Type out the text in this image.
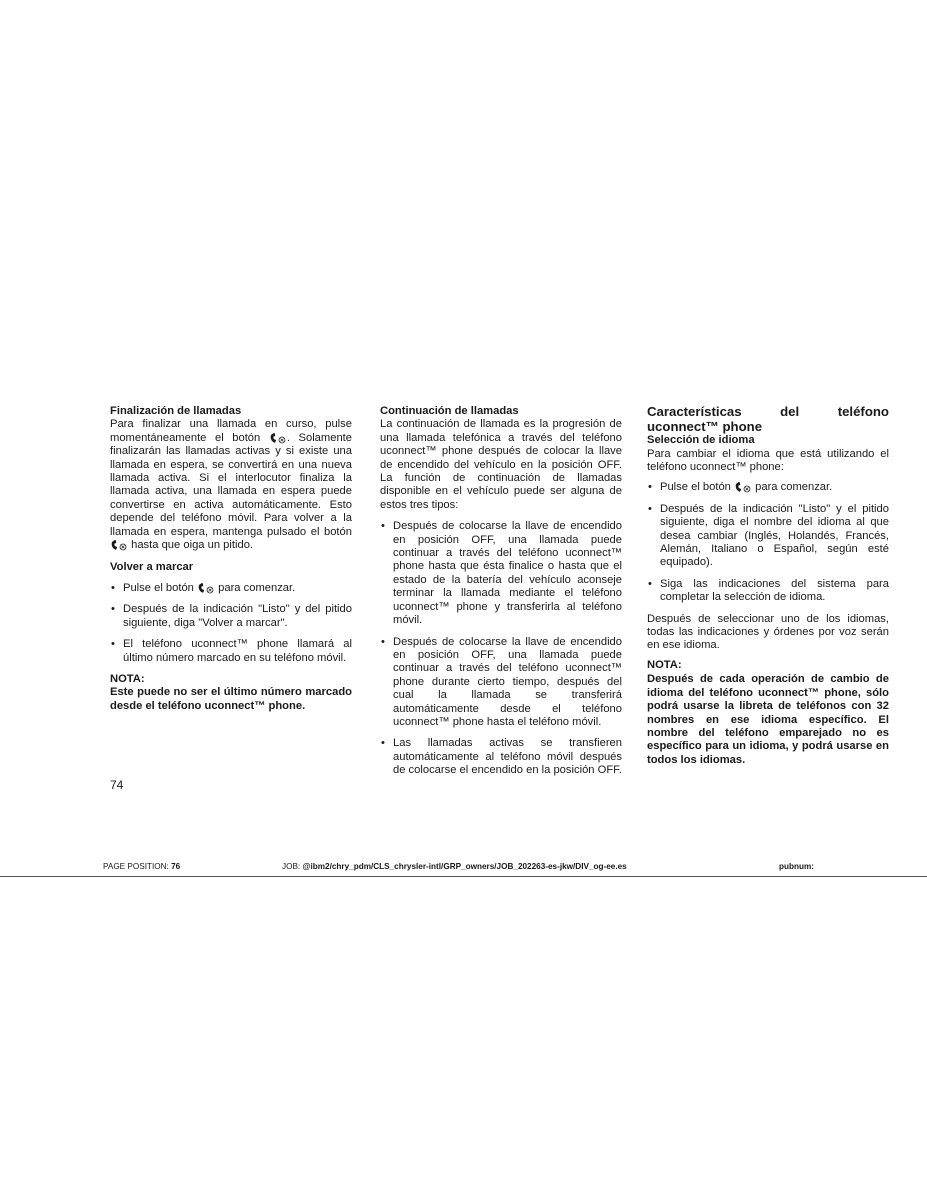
Finalización de llamadas

Para finalizar una llamada en curso, pulse momentáneamente el botón . Solamente finalizarán las llamadas activas y si existe una llamada en espera, se convertirá en una nueva llamada activa. Si el interlocutor finaliza la llamada activa, una llamada en espera puede convertirse en activa automáticamente. Esto depende del teléfono móvil. Para volver a la llamada en espera, mantenga pulsado el botón
hasta que oiga un pitido.

Volver a marcar

• Pulse el botón para comenzar.
• Después de la indicación "Listo" y del pitido siguiente, diga "Volver a marcar".
• El teléfono uconnect™ phone llamará al último número marcado en su teléfono móvil.

NOTA:

Este puede no ser el último número marcado desde el teléfono uconnect™ phone.

Continuación de llamadas

La continuación de llamada es la progresión de una llamada telefónica a través del teléfono uconnect™ phone después de colocar la llave de encendido del vehículo en la posición OFF. La función de continuación de llamadas disponible en el vehículo puede ser alguna de estos tres tipos:

• Después de colocarse la llave de encendido en posición OFF, una llamada puede continuar a través del teléfono uconnect™ phone hasta que ésta finalice o hasta que el estado de la batería del vehículo aconseje terminar la llamada mediante el teléfono uconnect™ phone y transferirla al teléfono móvil.
• Después de colocarse la llave de encendido en posición OFF, una llamada puede continuar a través del teléfono uconnect™ phone durante cierto tiempo, después del cual la llamada se transferirá automáticamente desde el teléfono uconnect™ phone hasta el teléfono móvil.
• Las llamadas activas se transfieren automáticamente al teléfono móvil después de colocarse el encendido en la posición OFF.

Características del teléfono uconnect™ phone

Selección de idioma

Para cambiar el idioma que está utilizando el teléfono uconnect™ phone:

• Pulse el botón para comenzar.
• Después de la indicación "Listo" y el pitido siguiente, diga el nombre del idioma al que desea cambiar (Inglés, Holandés, Francés, Alemán, Italiano o Español, según esté equipado).
• Siga las indicaciones del sistema para completar la selección de idioma.

Después de seleccionar uno de los idiomas, todas las indicaciones y órdenes por voz serán en ese idioma.

NOTA:

Después de cada operación de cambio de idioma del teléfono uconnect™ phone, sólo podrá usarse la libreta de teléfonos con 32 nombres en ese idioma específico. El nombre del teléfono emparejado no es específico para un idioma, y podrá usarse en todos los idiomas.

74
PAGE POSITION: 76	JOB: @ibm2/chry_pdm/CLS_chrysler-intl/GRP_owners/JOB_202263-es-jkw/DIV_og-ee.es	pubnum:
